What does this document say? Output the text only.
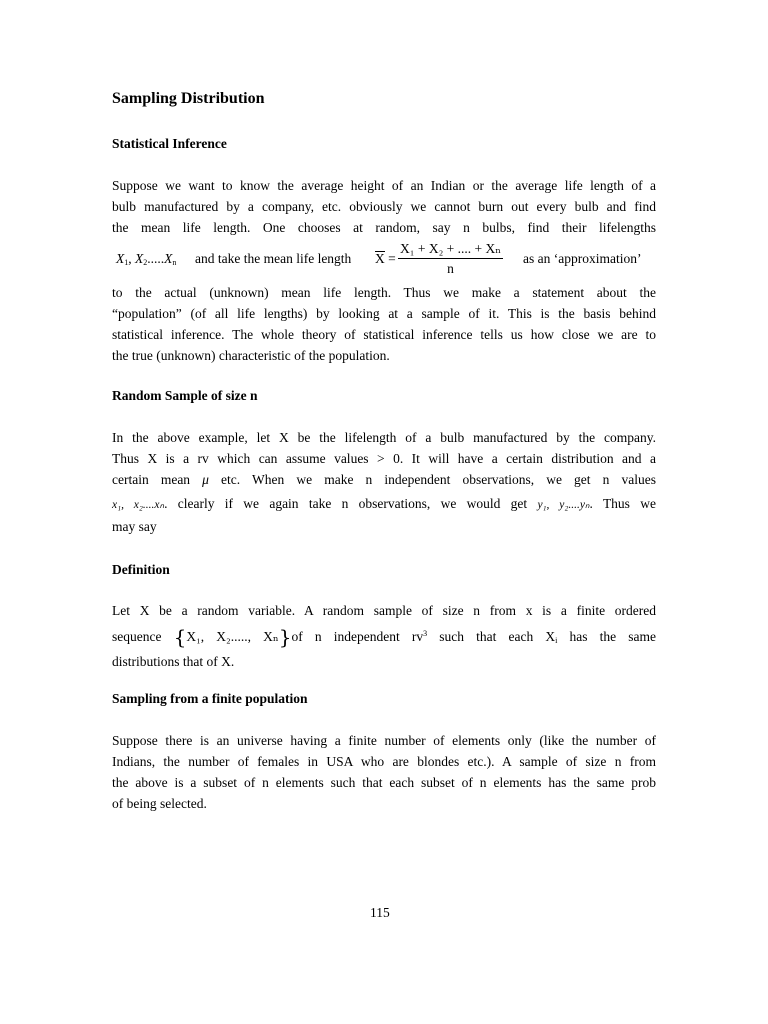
Sampling Distribution
Statistical Inference
Suppose we want to know the average height of an Indian or the average life length of a
bulb manufactured by a company, etc. obviously we cannot burn out every bulb and find
the mean life length. One chooses at random, say n bulbs, find their lifelengths
$X_1$, $X_2.....X_n$ and take the mean life length $X = \frac{\text{X₁ + X₂ + .... + Xₙ}}{n}$ as an ‘approximation’
to the actual (unknown) mean life length. Thus we make a statement about the
“population” (of all life lengths) by looking at a sample of it. This is the basis behind
statistical inference. The whole theory of statistical inference tells us how close we are to
the true (unknown) characteristic of the population.
Random Sample of size n
In the above example, let X be the lifelength of a bulb manufactured by the company.
Thus X is a rv which can assume values > 0. It will have a certain distribution and a
certain mean μ etc. When we make n independent observations, we get n values
x₁, x₂....xₙ. clearly if we again take n observations, we would get y₁, y₂....yₙ. Thus we
may say
Definition
Let X be a random variable. A random sample of size n from x is a finite ordered
sequence {X₁, X₂....., Xₙ}of n independent $rv^3$ such that each $X_i$ has the same
distributions that of X.
Sampling from a finite population
Suppose there is an universe having a finite number of elements only (like the number of
Indians, the number of females in USA who are blondes etc.). A sample of size n from
the above is a subset of n elements such that each subset of n elements has the same prob
of being selected.
115
